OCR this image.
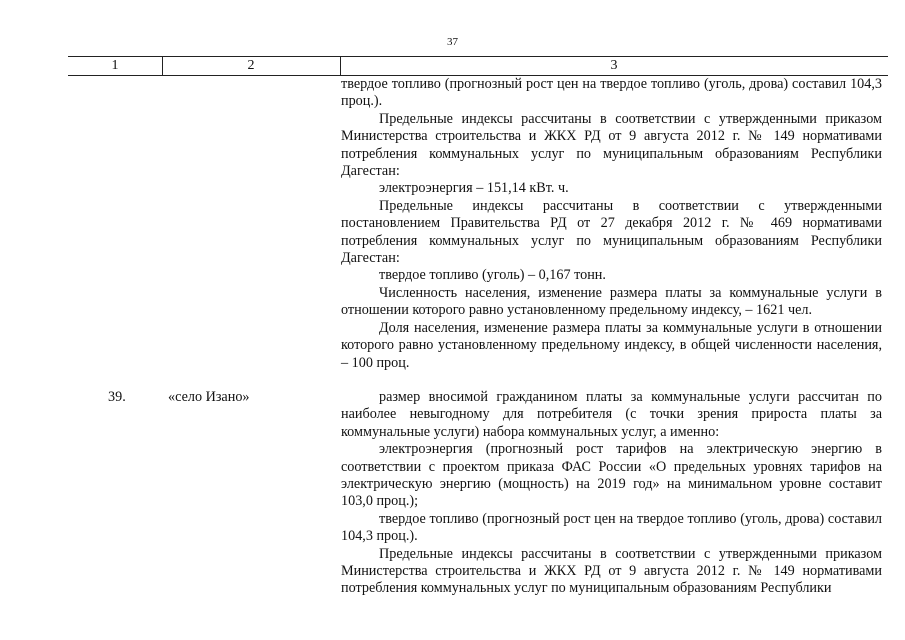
37
1	2	3

твердое топливо (прогнозный рост цен на твердое топливо (уголь, дрова) составил 104,3 проц.).

Предельные индексы рассчитаны в соответствии с утвержденными приказом Министерства строительства и ЖКХ РД от 9 августа 2012 г. № 149 нормативами потребления коммунальных услуг по муниципальным образованиям Республики Дагестан:

электроэнергия – 151,14 кВт. ч.

Предельные индексы рассчитаны в соответствии с утвержденными постановлением Правительства РД от 27 декабря 2012 г. № 469 нормативами потребления коммунальных услуг по муниципальным образованиям Республики Дагестан:

твердое топливо (уголь) – 0,167 тонн.

Численность населения, изменение размера платы за коммунальные услуги в отношении которого равно установленному предельному индексу, – 1621 чел.

Доля населения, изменение размера платы за коммунальные услуги в отношении которого равно установленному предельному индексу, в общей численности населения, – 100 проц.

39.	«село Изано»	размер вносимой гражданином платы за коммунальные услуги рассчитан по наиболее невыгодному для потребителя (с точки зрения прироста платы за коммунальные услуги) набора коммунальных услуг, а именно:

электроэнергия (прогнозный рост тарифов на электрическую энергию в соответствии с проектом приказа ФАС России «О предельных уровнях тарифов на электрическую энергию (мощность) на 2019 год» на минимальном уровне составит 103,0 проц.);

твердое топливо (прогнозный рост цен на твердое топливо (уголь, дрова) составил 104,3 проц.).

Предельные индексы рассчитаны в соответствии с утвержденными приказом Министерства строительства и ЖКХ РД от 9 августа 2012 г. № 149 нормативами потребления коммунальных услуг по муниципальным образованиям Республики
